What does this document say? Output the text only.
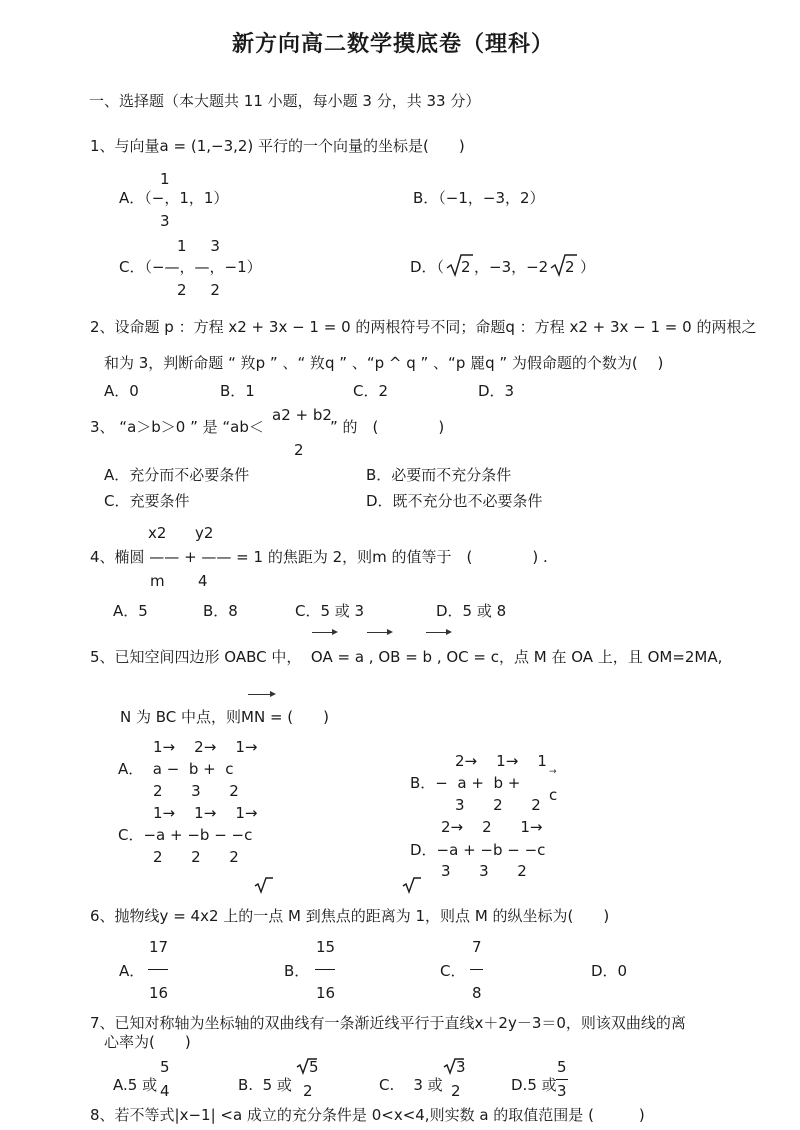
新方向高二数学摸底卷（理科）
一、选择题（本大题共 11 小题，每小题 3 分，共 33 分）
1、与向量a = (1,−3,2) 平行的一个向量的坐标是(　　)
1
A．（−，1，1）
3
B．（−1，−3，2）
1     3
C．（−—，—，−1）
2     2
D．（ 2 ，−3，−2 2 ）
2、设命题 p ：方程 x2 + 3x − 1 = 0 的两根符号不同；命题q ：方程 x2 + 3x − 1 = 0 的两根之
和为 3，判断命题 “ 䍩p ” 、“ 䍩q ” 、“p ^ q ” 、“p 䍡q ” 为假命题的个数为(　 )
A．0	B．1	C．2	D．3
3、 “a＞b＞0 ” 是 “ab＜
a2 + b2
” 的　(　　　　)
2
A．充分而不必要条件	B．必要而不充分条件
C．充要条件	D．既不充分也不必要条件
x2      y2
4、椭圆 —— + —— = 1 的焦距为 2，则m 的值等于　(　　　　) .
m       4
A．5	B．8	C．5 或 3	D．5 或 8
5、已知空间四边形 OABC 中，  OA = a , OB = b , OC = c，点 M 在 OA 上，且 OM=2MA,
N 为 BC 中点，则MN = (　　)
1→    2→    1→
A．  a −  b +  c
2      3      2
2→    1→    1
B．−  a +  b +
3      2      2
c
→
1→    1→    1→
C．−a + −b − −c
2      2      2
2→    2      1→
D．−a + −b − −c
3      3      2
6、抛物线y = 4x2 上的一点 M 到焦点的距离为 1，则点 M 的纵坐标为(　　)
17
A．
16
15
B．
16
7
C．
8
D．0
7、已知对称轴为坐标轴的双曲线有一条渐近线平行于直线x＋2y－3＝0，则该双曲线的离
心率为(　　)
5
A.5 或 4
5
B.  5 或 2
3
C.    3 或 2
5
D.5 或 3
8、若不等式|x−1| <a 成立的充分条件是 0<x<4,则实数 a 的取值范围是 (　　　)
